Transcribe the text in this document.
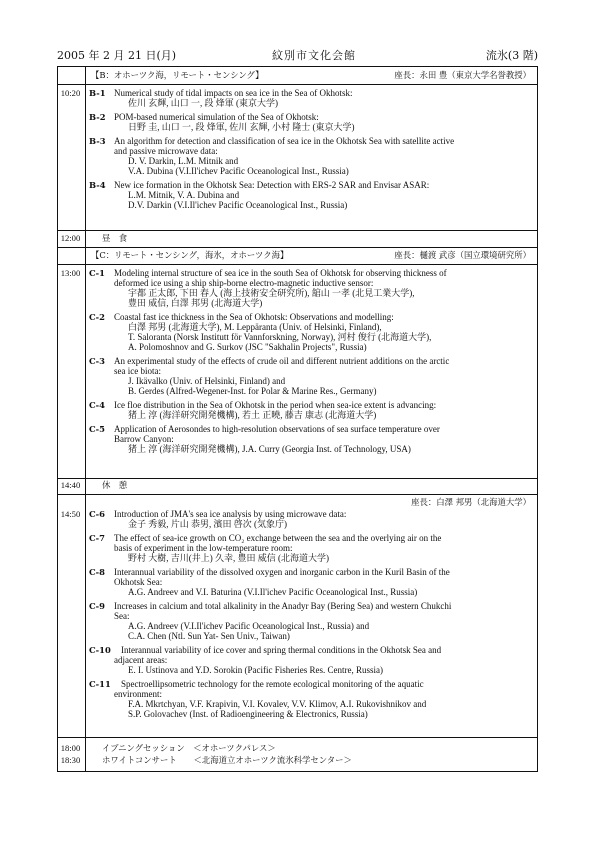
2005 年 2 月 21 日(月)	紋別市文化会館	流氷(3 階)
【B：オホーツク海，リモート・センシング】	座長：永田 豊（東京大学名誉教授）
10:20	B-1 Numerical study of tidal impacts on sea ice in the Sea of Okhotsk:
佐川 玄輝, 山口 一, 段 烽軍 (東京大学)
B-2 POM-based numerical simulation of the Sea of Okhotsk:
日野 圭, 山口 一, 段 烽軍, 佐川 玄輝, 小村 隆士 (東京大学)
B-3 An algorithm for detection and classification of sea ice in the Okhotsk Sea with satellite active
and passive microwave data:
D. V. Darkin, L.M. Mitnik and
V.A. Dubina (V.I.Il'ichev Pacific Oceanological Inst., Russia)
B-4 New ice formation in the Okhotsk Sea: Detection with ERS-2 SAR and Envisar ASAR:
L.M. Mitnik, V. A. Dubina and
D.V. Darkin (V.I.Il'ichev Pacific Oceanological Inst., Russia)
12:00	昼　食
【C：リモート・センシング，海氷，オホーツク海】	座長：樋渡 武彦（国立環境研究所）
13:00	C-1 Modeling internal structure of sea ice in the south Sea of Okhotsk for observing thickness of
deformed ice using a ship ship-borne electro-magnetic inductive sensor:
宇都 正太郎, 下田 春人 (海上技術安全研究所), 舘山 一孝 (北見工業大学),
豊田 威信, 白澤 邦男 (北海道大学)
C-2 Coastal fast ice thickness in the Sea of Okhotsk: Observations and modelling:
白澤 邦男 (北海道大学), M. Leppäranta (Univ. of Helsinki, Finland),
T. Saloranta (Norsk Institutt för Vannforskning, Norway), 河村 俊行 (北海道大学),
A. Polomoshnov and G. Surkov (JSC "Sakhalin Projects", Russia)
C-3 An experimental study of the effects of crude oil and different nutrient additions on the arctic
sea ice biota:
J. Ikävalko (Univ. of Helsinki, Finland) and
B. Gerdes (Alfred-Wegener-Inst. for Polar & Marine Res., Germany)
C-4 Ice floe distribution in the Sea of Okhotsk in the period when sea-ice extent is advancing:
猪上 淳 (海洋研究開発機構), 若土 正曉, 藤吉 康志 (北海道大学)
C-5 Application of Aerosondes to high-resolution observations of sea surface temperature over
Barrow Canyon:
猪上 淳 (海洋研究開発機構), J.A. Curry (Georgia Inst. of Technology, USA)
14:40	休　憩
座長：白澤 邦男（北海道大学）
14:50	C-6 Introduction of JMA's sea ice analysis by using microwave data:
金子 秀毅, 片山 恭男, 濱田 啓次 (気象庁)
C-7 The effect of sea-ice growth on CO₂ exchange between the sea and the overlying air on the
basis of experiment in the low-temperature room:
野村 大樹, 吉川(井上) 久幸, 豊田 威信 (北海道大学)
C-8 Interannual variability of the dissolved oxygen and inorganic carbon in the Kuril Basin of the
Okhotsk Sea:
A.G. Andreev and V.I. Baturina (V.I.Il'ichev Pacific Oceanological Inst., Russia)
C-9 Increases in calcium and total alkalinity in the Anadyr Bay (Bering Sea) and western Chukchi
Sea:
A.G. Andreev (V.I.Il'ichev Pacific Oceanological Inst., Russia) and
C.A. Chen (Ntl. Sun Yat- Sen Univ., Taiwan)
C-10 Interannual variability of ice cover and spring thermal conditions in the Okhotsk Sea and
adjacent areas:
E. I. Ustinova and Y.D. Sorokin (Pacific Fisheries Res. Centre, Russia)
C-11 Spectroellipsometric technology for the remote ecological monitoring of the aquatic
environment:
F.A. Mkrtchyan, V.F. Krapivin, V.I. Kovalev, V.V. Klimov, A.I. Rukovishnikov and
S.P. Golovachev (Inst. of Radioengineering & Electronics, Russia)
18:00	イブニングセッション　＜オホーツクパレス＞
18:30	ホワイトコンサート　　＜北海道立オホーツク流氷科学センター＞
